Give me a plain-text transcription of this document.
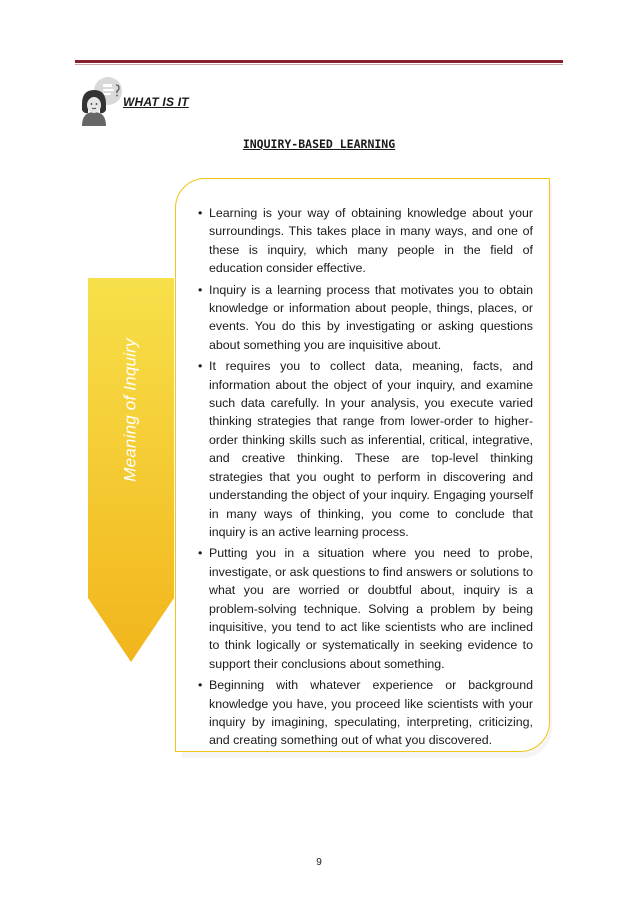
WHAT IS IT
INQUIRY-BASED LEARNING
Meaning of Inquiry
• Learning is your way of obtaining knowledge about your surroundings. This takes place in many ways, and one of these is inquiry, which many people in the field of education consider effective.
• Inquiry is a learning process that motivates you to obtain knowledge or information about people, things, places, or events. You do this by investigating or asking questions about something you are inquisitive about.
• It requires you to collect data, meaning, facts, and information about the object of your inquiry, and examine such data carefully. In your analysis, you execute varied thinking strategies that range from lower-order to higher-order thinking skills such as inferential, critical, integrative, and creative thinking. These are top-level thinking strategies that you ought to perform in discovering and understanding the object of your inquiry. Engaging yourself in many ways of thinking, you come to conclude that inquiry is an active learning process.
• Putting you in a situation where you need to probe, investigate, or ask questions to find answers or solutions to what you are worried or doubtful about, inquiry is a problem-solving technique. Solving a problem by being inquisitive, you tend to act like scientists who are inclined to think logically or systematically in seeking evidence to support their conclusions about something.
• Beginning with whatever experience or background knowledge you have, you proceed like scientists with your inquiry by imagining, speculating, interpreting, criticizing, and creating something out of what you discovered.
9
